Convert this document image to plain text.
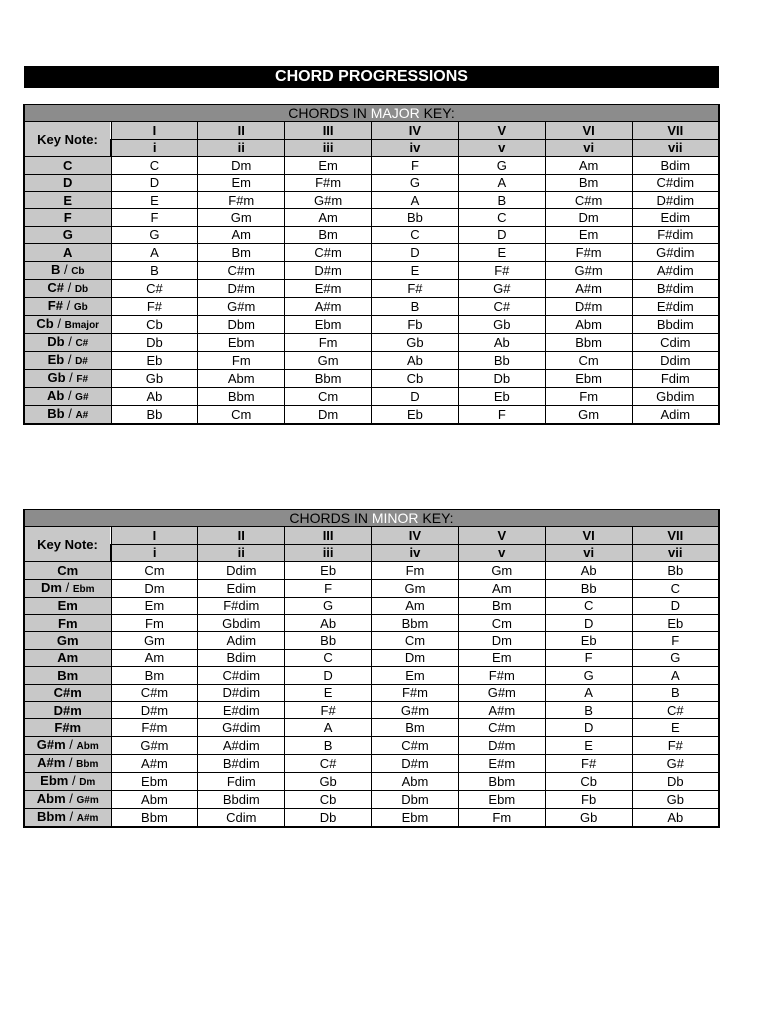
CHORD PROGRESSIONS
CHORDS IN MAJOR KEY:							
Key Note:	I	II	III	IV	V	VI	VII
	i	ii	iii	iv	v	vi	vii
C	C	Dm	Em	F	G	Am	Bdim
D	D	Em	F#m	G	A	Bm	C#dim
E	E	F#m	G#m	A	B	C#m	D#dim
F	F	Gm	Am	Bb	C	Dm	Edim
G	G	Am	Bm	C	D	Em	F#dim
A	A	Bm	C#m	D	E	F#m	G#dim
B / Cb	B	C#m	D#m	E	F#	G#m	A#dim
C# / Db	C#	D#m	E#m	F#	G#	A#m	B#dim
F# / Gb	F#	G#m	A#m	B	C#	D#m	E#dim
Cb / Bmajor	Cb	Dbm	Ebm	Fb	Gb	Abm	Bbdim
Db / C#	Db	Ebm	Fm	Gb	Ab	Bbm	Cdim
Eb / D#	Eb	Fm	Gm	Ab	Bb	Cm	Ddim
Gb / F#	Gb	Abm	Bbm	Cb	Db	Ebm	Fdim
Ab / G#	Ab	Bbm	Cm	D	Eb	Fm	Gbdim
Bb / A#	Bb	Cm	Dm	Eb	F	Gm	Adim
CHORDS IN MINOR KEY:							
Key Note:	I	II	III	IV	V	VI	VII
	i	ii	iii	iv	v	vi	vii
Cm	Cm	Ddim	Eb	Fm	Gm	Ab	Bb
Dm / Ebm	Dm	Edim	F	Gm	Am	Bb	C
Em	Em	F#dim	G	Am	Bm	C	D
Fm	Fm	Gbdim	Ab	Bbm	Cm	D	Eb
Gm	Gm	Adim	Bb	Cm	Dm	Eb	F
Am	Am	Bdim	C	Dm	Em	F	G
Bm	Bm	C#dim	D	Em	F#m	G	A
C#m	C#m	D#dim	E	F#m	G#m	A	B
D#m	D#m	E#dim	F#	G#m	A#m	B	C#
F#m	F#m	G#dim	A	Bm	C#m	D	E
G#m / Abm	G#m	A#dim	B	C#m	D#m	E	F#
A#m / Bbm	A#m	B#dim	C#	D#m	E#m	F#	G#
Ebm / Dm	Ebm	Fdim	Gb	Abm	Bbm	Cb	Db
Abm / G#m	Abm	Bbdim	Cb	Dbm	Ebm	Fb	Gb
Bbm / A#m	Bbm	Cdim	Db	Ebm	Fm	Gb	Ab
